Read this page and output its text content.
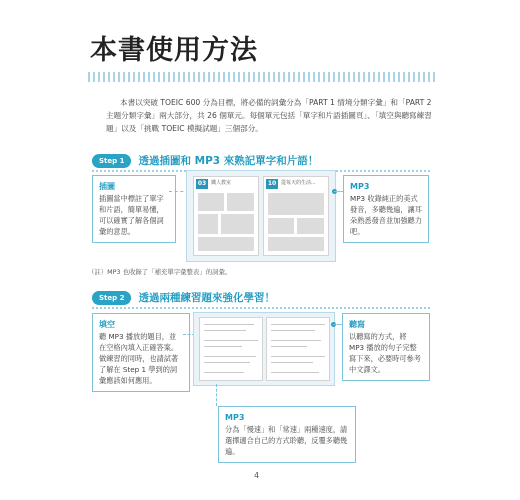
本書使用方法
本書以突破 TOEIC 600 分為目標，將必備的詞彙分為「PART 1 情境分類字彙」和「PART 2 主題分類字彙」兩大部分，共 26 個單元。每個單元包括「單字和片語插圖頁」、「填空與聽寫練習題」以及「挑戰 TOEIC 模擬試題」三個部分。
Step 1	透過插圖和 MP3 來熟記單字和片語！
插圖
插圖當中標註了單字和片語，簡單易懂，可以確實了解各個詞彙的意思。
03 鐵人教室	10 從每天的生活...	MP3
MP3 收錄純正的美式發音，多聽幾遍，讓耳朵熟悉發音並加強聽力吧。
（註）MP3 也收錄了「補充單字彙整表」的詞彙。
Step 2	透過兩種練習題來強化學習！
填空
聽 MP3 播放的題目，並在空格內填入正確答案。做練習的同時，也請試著了解在 Step 1 學到的詞彙應該如何應用。
聽寫
以聽寫的方式，將 MP3 播放的句子完整寫下來，必要時可參考中文譯文。
MP3
分為「慢速」和「常速」兩種速度，請選擇適合自己的方式聆聽，反覆多聽幾遍。
4
